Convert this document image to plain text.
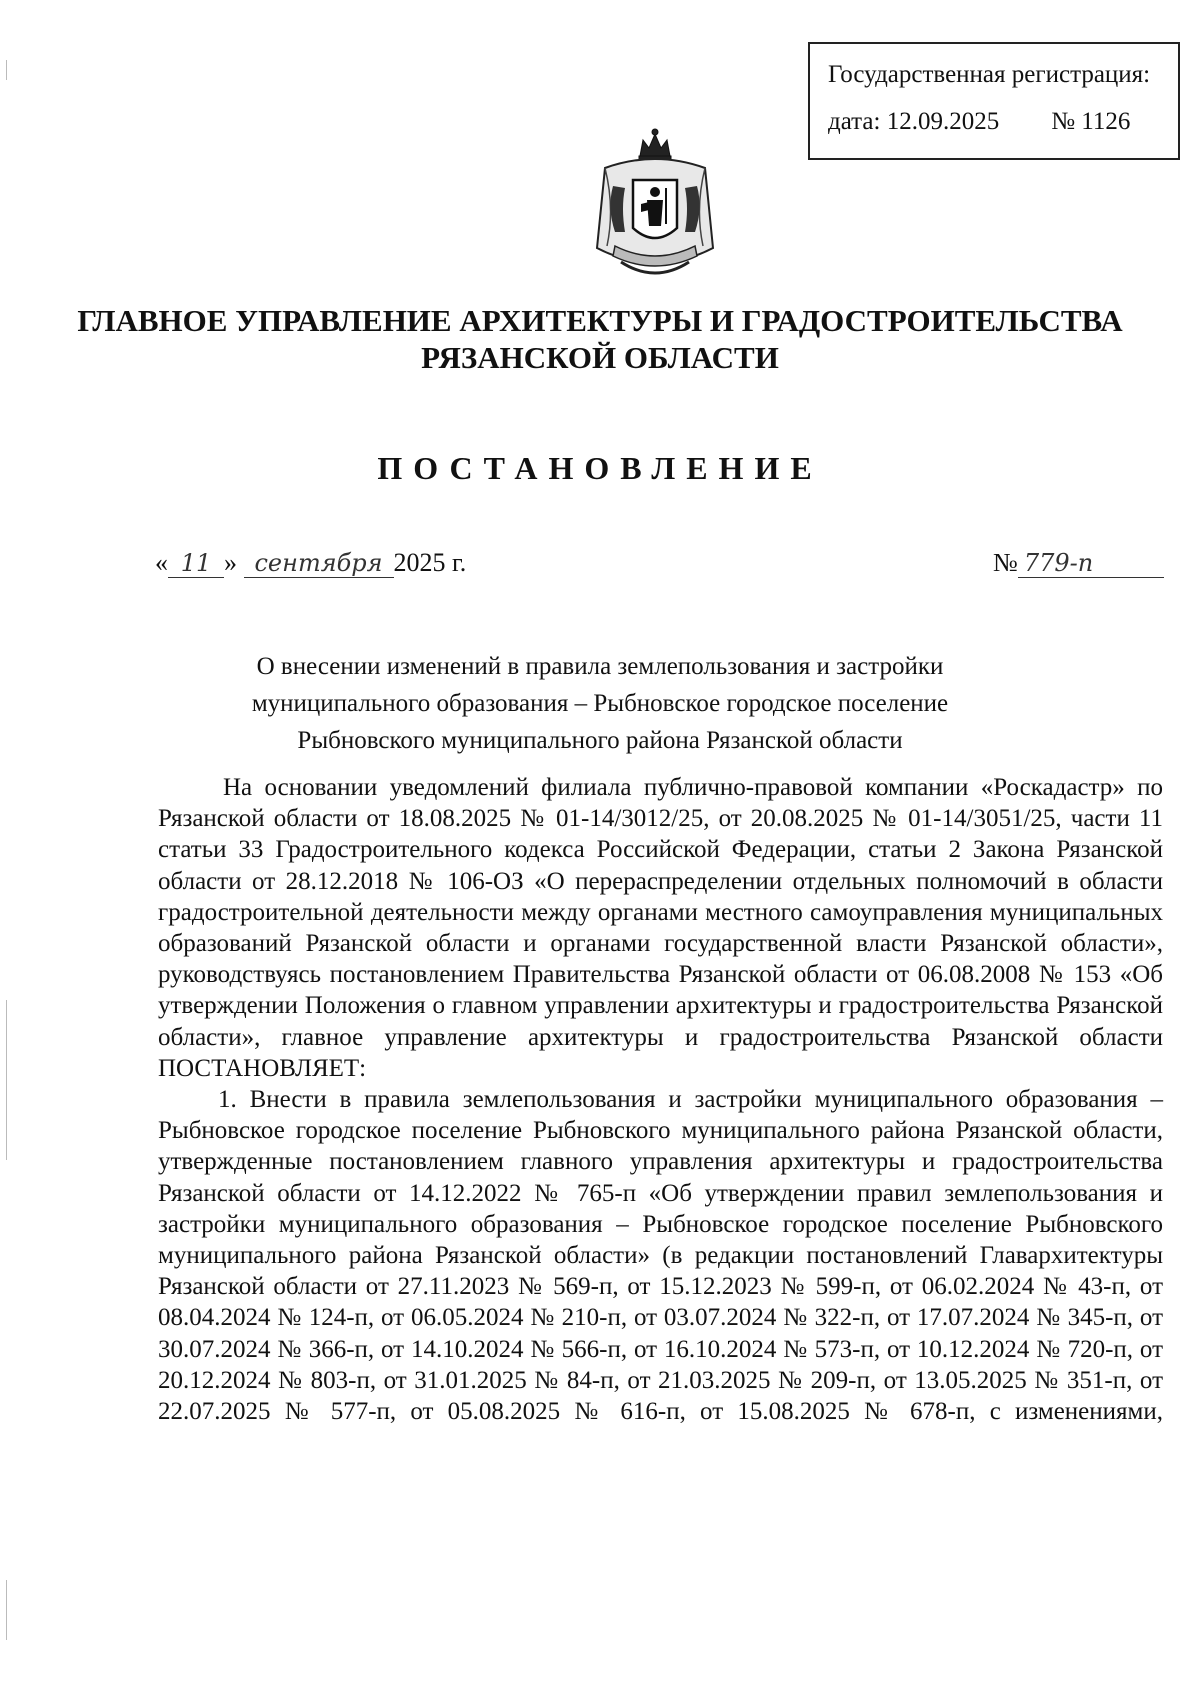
Государственная регистрация:
дата: 12.09.2025 № 1126
ГЛАВНОЕ УПРАВЛЕНИЕ АРХИТЕКТУРЫ И ГРАДОСТРОИТЕЛЬСТВА
РЯЗАНСКОЙ ОБЛАСТИ
ПОСТАНОВЛЕНИЕ
« 11 » сентября 2025 г.	№ 779-п
О внесении изменений в правила землепользования и застройки
муниципального образования – Рыбновское городское поселение
Рыбновского муниципального района Рязанской области

На основании уведомлений филиала публично-правовой компании «Роскадастр» по Рязанской области от 18.08.2025 № 01-14/3012/25, от 20.08.2025 № 01-14/3051/25, части 11 статьи 33 Градостроительного кодекса Российской Федерации, статьи 2 Закона Рязанской области от 28.12.2018 № 106-ОЗ «О перераспределении отдельных полномочий в области градостроительной деятельности между органами местного самоуправления муниципальных образований Рязанской области и органами государственной власти Рязанской области», руководствуясь постановлением Правительства Рязанской области от 06.08.2008 № 153 «Об утверждении Положения о главном управлении архитектуры и градостроительства Рязанской области», главное управление архитектуры и градостроительства Рязанской области ПОСТАНОВЛЯЕТ:

1. Внести в правила землепользования и застройки муниципального образования – Рыбновское городское поселение Рыбновского муниципального района Рязанской области, утвержденные постановлением главного управления архитектуры и градостроительства Рязанской области от 14.12.2022 № 765-п «Об утверждении правил землепользования и застройки муниципального образования – Рыбновское городское поселение Рыбновского муниципального района Рязанской области» (в редакции постановлений Главархитектуры Рязанской области от 27.11.2023 № 569-п, от 15.12.2023 № 599-п, от 06.02.2024 № 43-п, от 08.04.2024 № 124-п, от 06.05.2024 № 210-п, от 03.07.2024 № 322-п, от 17.07.2024 № 345-п, от 30.07.2024 № 366-п, от 14.10.2024 № 566-п, от 16.10.2024 № 573-п, от 10.12.2024 № 720-п, от 20.12.2024 № 803-п, от 31.01.2025 № 84-п, от 21.03.2025 № 209-п, от 13.05.2025 № 351-п, от 22.07.2025 № 577-п, от 05.08.2025 № 616-п, от 15.08.2025 № 678-п, с изменениями,
